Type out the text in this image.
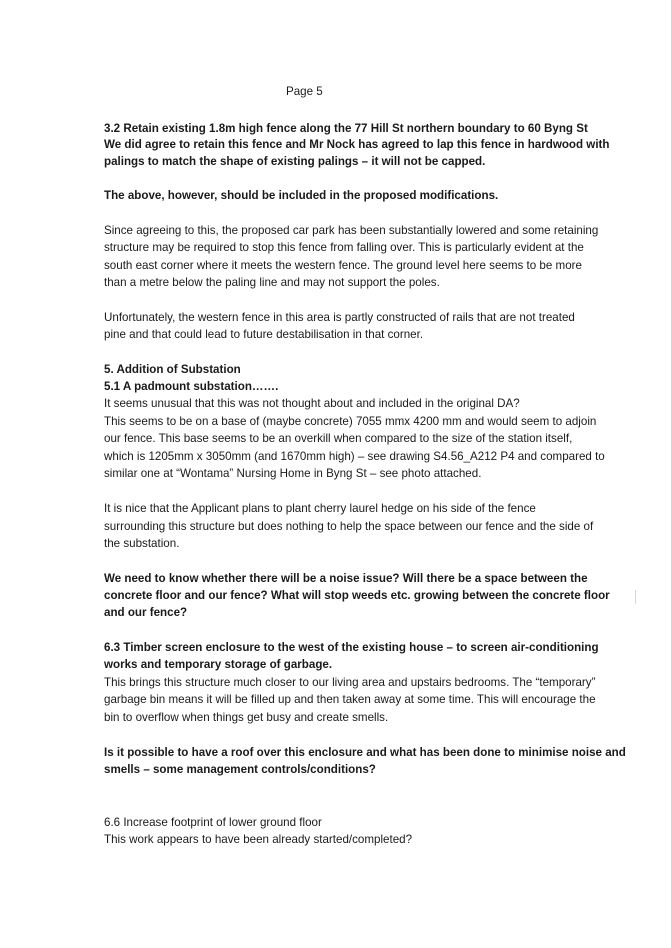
Page 5

3.2 Retain existing 1.8m high fence along the 77 Hill St northern boundary to 60 Byng St

We did agree to retain this fence and Mr Nock has agreed to lap this fence in hardwood with

palings to match the shape of existing palings – it will not be capped.

The above, however, should be included in the proposed modifications.

Since agreeing to this, the proposed car park has been substantially lowered and some retaining

structure may be required to stop this fence from falling over. This is particularly evident at the

south east corner where it meets the western fence. The ground level here seems to be more

than a metre below the paling line and may not support the poles.

Unfortunately, the western fence in this area is partly constructed of rails that are not treated

pine and that could lead to future destabilisation in that corner.

5. Addition of Substation

5.1 A padmount substation…….

It seems unusual that this was not thought about and included in the original DA?

This seems to be on a base of (maybe concrete) 7055 mmx 4200 mm and would seem to adjoin

our fence. This base seems to be an overkill when compared to the size of the station itself,

which is 1205mm x 3050mm (and 1670mm high) – see drawing S4.56_A212 P4 and compared to

similar one at “Wontama” Nursing Home in Byng St – see photo attached.

It is nice that the Applicant plans to plant cherry laurel hedge on his side of the fence

surrounding this structure but does nothing to help the space between our fence and the side of

the substation.

We need to know whether there will be a noise issue? Will there be a space between the

concrete floor and our fence? What will stop weeds etc. growing between the concrete floor

and our fence?

6.3 Timber screen enclosure to the west of the existing house – to screen air-conditioning

works and temporary storage of garbage.

This brings this structure much closer to our living area and upstairs bedrooms. The “temporary”

garbage bin means it will be filled up and then taken away at some time. This will encourage the

bin to overflow when things get busy and create smells.

Is it possible to have a roof over this enclosure and what has been done to minimise noise and

smells – some management controls/conditions?

6.6 Increase footprint of lower ground floor

This work appears to have been already started/completed?
